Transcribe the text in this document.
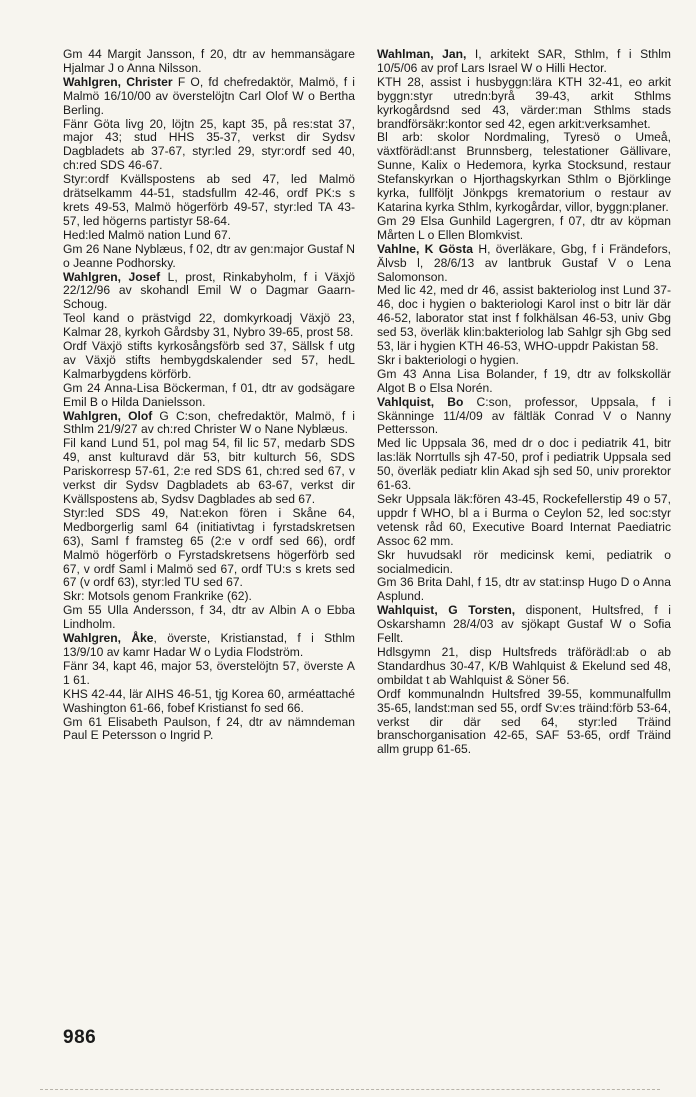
Gm 44 Margit Jansson, f 20, dtr av hemmansägare Hjalmar J o Anna Nilsson.

Wahlgren, Christer F O, fd chefredaktör, Malmö, f i Malmö 16/10/00 av överstelöjtn Carl Olof W o Bertha Berling.

Fänr Göta livg 20, löjtn 25, kapt 35, på res:stat 37, major 43; stud HHS 35-37, verkst dir Sydsv Dagbladets ab 37-67, styr:led 29, styr:ordf sed 40, ch:red SDS 46-67.

Styr:ordf Kvällspostens ab sed 47, led Malmö drätselkamm 44-51, stadsfullm 42-46, ordf PK:s s krets 49-53, Malmö högerförb 49-57, styr:led TA 43-57, led högerns partistyr 58-64.

Hed:led Malmö nation Lund 67.

Gm 26 Nane Nyblæus, f 02, dtr av gen:major Gustaf N o Jeanne Podhorsky.

Wahlgren, Josef L, prost, Rinkabyholm, f i Växjö 22/12/96 av skohandl Emil W o Dagmar Gaarn-Schoug.

Teol kand o prästvigd 22, domkyrkoadj Växjö 23, Kalmar 28, kyrkoh Gårdsby 31, Nybro 39-65, prost 58.

Ordf Växjö stifts kyrkosångsförb sed 37, Sällsk f utg av Växjö stifts hembygdskalender sed 57, hedL Kalmarbygdens körförb.

Gm 24 Anna-Lisa Böckerman, f 01, dtr av godsägare Emil B o Hilda Danielsson.

Wahlgren, Olof G C:son, chefredaktör, Malmö, f i Sthlm 21/9/27 av ch:red Christer W o Nane Nyblæus.

Fil kand Lund 51, pol mag 54, fil lic 57, medarb SDS 49, anst kulturavd där 53, bitr kulturch 56, SDS Pariskorresp 57-61, 2:e red SDS 61, ch:red sed 67, v verkst dir Sydsv Dagbladets ab 63-67, verkst dir Kvällspostens ab, Sydsv Dagblades ab sed 67.

Styr:led SDS 49, Nat:ekon fören i Skåne 64, Medborgerlig saml 64 (initiativtag i fyrstadskretsen 63), Saml f framsteg 65 (2:e v ordf sed 66), ordf Malmö högerförb o Fyrstadskretsens högerförb sed 67, v ordf Saml i Malmö sed 67, ordf TU:s s krets sed 67 (v ordf 63), styr:led TU sed 67.

Skr: Motsols genom Frankrike (62).

Gm 55 Ulla Andersson, f 34, dtr av Albin A o Ebba Lindholm.

Wahlgren, Åke, överste, Kristianstad, f i Sthlm 13/9/10 av kamr Hadar W o Lydia Flodström.

Fänr 34, kapt 46, major 53, överstelöjtn 57, överste A 1 61.

KHS 42-44, lär AIHS 46-51, tjg Korea 60, arméattaché Washington 61-66, fobef Kristianst fo sed 66.

Gm 61 Elisabeth Paulson, f 24, dtr av nämndeman Paul E Petersson o Ingrid P.

Wahlman, Jan, I, arkitekt SAR, Sthlm, f i Sthlm 10/5/06 av prof Lars Israel W o Hilli Hector.

KTH 28, assist i husbyggn:lära KTH 32-41, eo arkit byggn:styr utredn:byrå 39-43, arkit Sthlms kyrkogårdsnd sed 43, värder:man Sthlms stads brandförsäkr:kontor sed 42, egen arkit:verksamhet.

Bl arb: skolor Nordmaling, Tyresö o Umeå, växtförädl:anst Brunnsberg, telestationer Gällivare, Sunne, Kalix o Hedemora, kyrka Stocksund, restaur Stefanskyrkan o Hjorthagskyrkan Sthlm o Björklinge kyrka, fullföljt Jönkpgs krematorium o restaur av Katarina kyrka Sthlm, kyrkogårdar, villor, byggn:planer.

Gm 29 Elsa Gunhild Lagergren, f 07, dtr av köpman Mårten L o Ellen Blomkvist.

Vahlne, K Gösta H, överläkare, Gbg, f i Frändefors, Älvsb l, 28/6/13 av lantbruk Gustaf V o Lena Salomonson.

Med lic 42, med dr 46, assist bakteriolog inst Lund 37-46, doc i hygien o bakteriologi Karol inst o bitr lär där 46-52, laborator stat inst f folkhälsan 46-53, univ Gbg sed 53, överläk klin:bakteriolog lab Sahlgr sjh Gbg sed 53, lär i hygien KTH 46-53, WHO-uppdr Pakistan 58.

Skr i bakteriologi o hygien.

Gm 43 Anna Lisa Bolander, f 19, dtr av folkskollär Algot B o Elsa Norén.

Vahlquist, Bo C:son, professor, Uppsala, f i Skänninge 11/4/09 av fältläk Conrad V o Nanny Pettersson.

Med lic Uppsala 36, med dr o doc i pediatrik 41, bitr las:läk Norrtulls sjh 47-50, prof i pediatrik Uppsala sed 50, överläk pediatr klin Akad sjh sed 50, univ prorektor 61-63.

Sekr Uppsala läk:fören 43-45, Rockefellerstip 49 o 57, uppdr f WHO, bl a i Burma o Ceylon 52, led soc:styr vetensk råd 60, Executive Board Internat Paediatric Assoc 62 mm.

Skr huvudsakl rör medicinsk kemi, pediatrik o socialmedicin.

Gm 36 Brita Dahl, f 15, dtr av stat:insp Hugo D o Anna Asplund.

Wahlquist, G Torsten, disponent, Hultsfred, f i Oskarshamn 28/4/03 av sjökapt Gustaf W o Sofia Fellt.

Hdlsgymn 21, disp Hultsfreds träförädl:ab o ab Standardhus 30-47, K/B Wahlquist & Ekelund sed 48, ombildat t ab Wahlquist & Söner 56.

Ordf kommunalndn Hultsfred 39-55, kommunalfullm 35-65, landst:man sed 55, ordf Sv:es träind:förb 53-64, verkst dir där sed 64, styr:led Träind branschorganisation 42-65, SAF 53-65, ordf Träind allm grupp 61-65.

986
